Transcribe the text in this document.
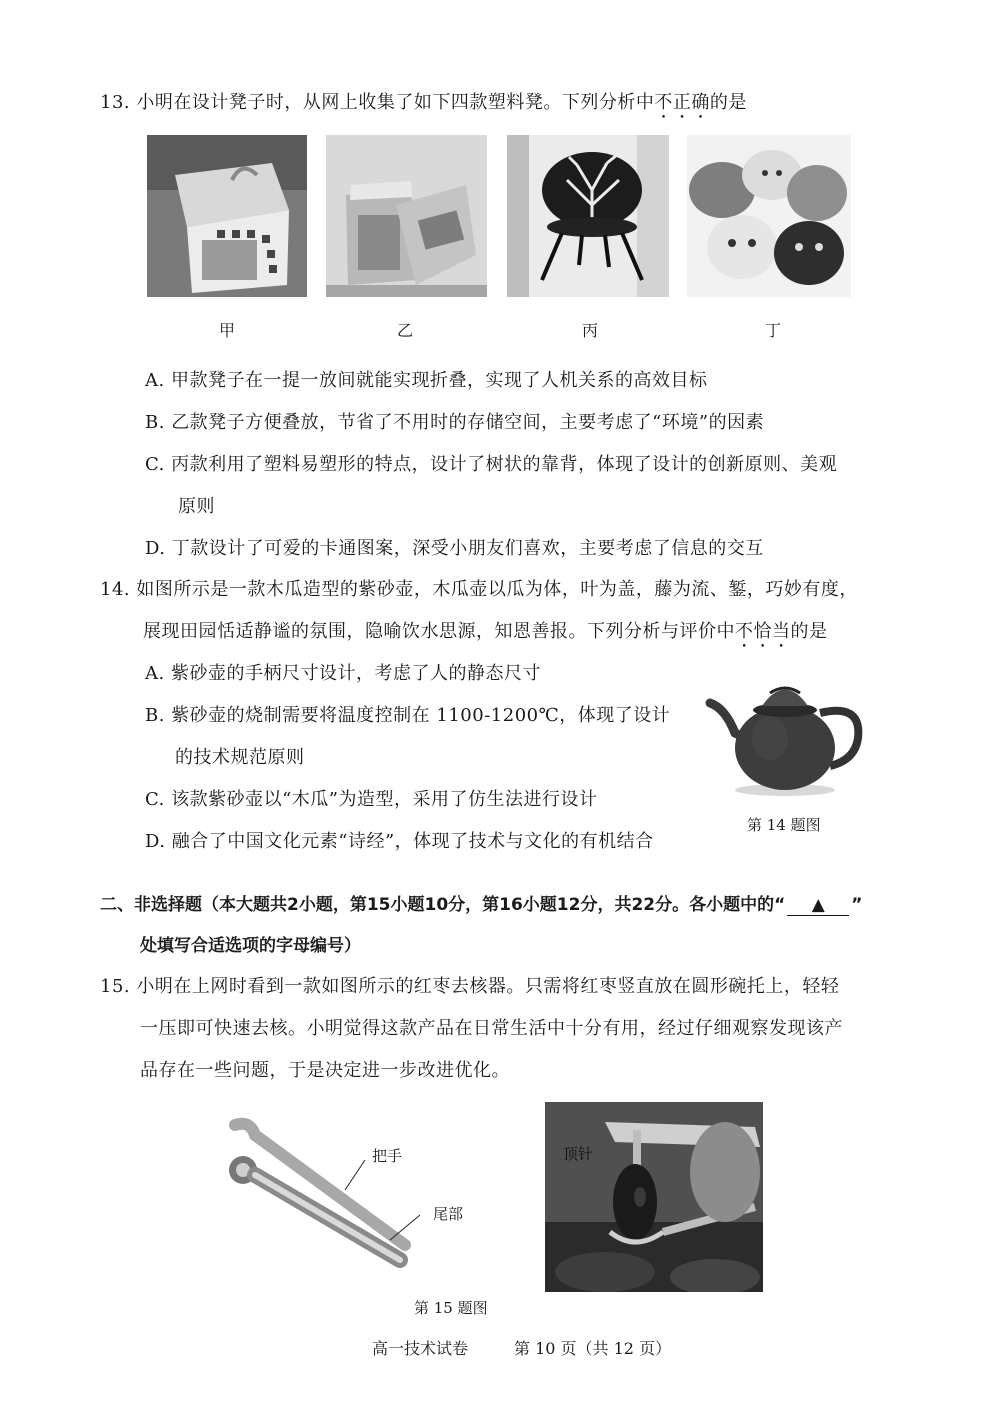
13. 小明在设计凳子时，从网上收集了如下四款塑料凳。下列分析中不正确的是
甲	乙	丙	丁
A. 甲款凳子在一提一放间就能实现折叠，实现了人机关系的高效目标
B. 乙款凳子方便叠放，节省了不用时的存储空间，主要考虑了“环境”的因素
C. 丙款利用了塑料易塑形的特点，设计了树状的靠背，体现了设计的创新原则、美观
原则
D. 丁款设计了可爱的卡通图案，深受小朋友们喜欢，主要考虑了信息的交互
14. 如图所示是一款木瓜造型的紫砂壶，木瓜壶以瓜为体，叶为盖，藤为流、錾，巧妙有度，
展现田园恬适静谧的氛围，隐喻饮水思源，知恩善报。下列分析与评价中不恰当的是
A. 紫砂壶的手柄尺寸设计，考虑了人的静态尺寸
B. 紫砂壶的烧制需要将温度控制在 1100-1200℃，体现了设计
的技术规范原则
C. 该款紫砂壶以“木瓜”为造型，采用了仿生法进行设计
D. 融合了中国文化元素“诗经”，体现了技术与文化的有机结合
第 14 题图
二、非选择题（本大题共2小题，第15小题10分，第16小题12分，共22分。各小题中的“ ▲ ”
处填写合适选项的字母编号）
15. 小明在上网时看到一款如图所示的红枣去核器。只需将红枣竖直放在圆形碗托上，轻轻
一压即可快速去核。小明觉得这款产品在日常生活中十分有用，经过仔细观察发现该产
品存在一些问题，于是决定进一步改进优化。
把手
尾部
顶针
第 15 题图
高一技术试卷	第 10 页（共 12 页）
